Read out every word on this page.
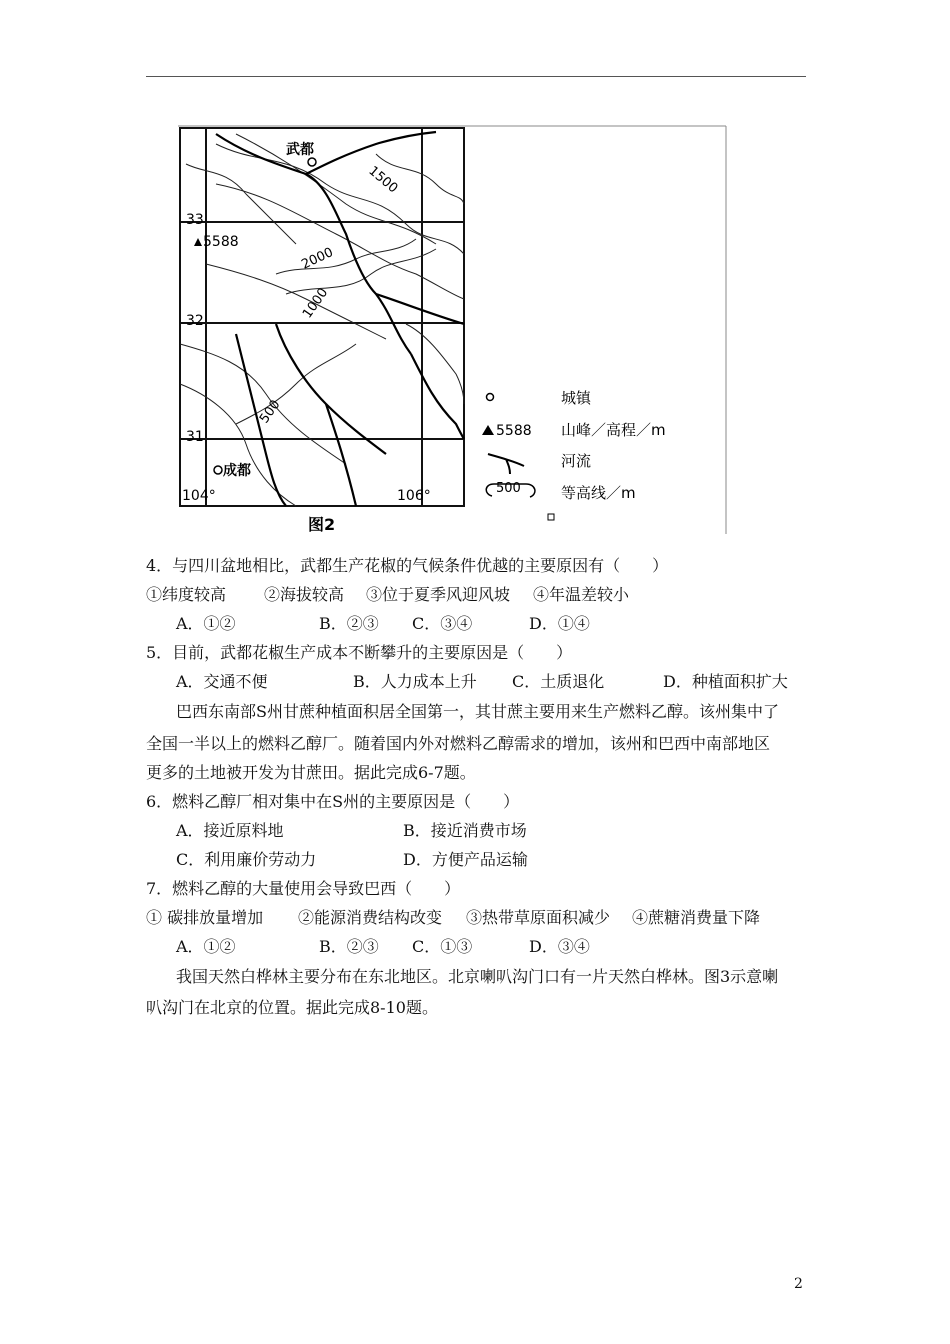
武都
成都
5588
33
32
31
104°	106°
1500
2000
1000
500
图2
城镇
5588 山峰／高程／m
河流
500	等高线／m
4．与四川盆地相比，武都生产花椒的气候条件优越的主要原因有（　　）
①纬度较高 ②海拔较高 ③位于夏季风迎风坡 ④年温差较小
A．①②	B．②③ C．③④	D．①④
5．目前，武都花椒生产成本不断攀升的主要原因是（　　）
A．交通不便	B．人力成本上升 C．土质退化	D．种植面积扩大
巴西东南部S州甘蔗种植面积居全国第一，其甘蔗主要用来生产燃料乙醇。该州集中了
全国一半以上的燃料乙醇厂。随着国内外对燃料乙醇需求的增加，该州和巴西中南部地区
更多的土地被开发为甘蔗田。据此完成6-7题。
6．燃料乙醇厂相对集中在S州的主要原因是（　　）
A．接近原料地	B．接近消费市场
C．利用廉价劳动力	D．方便产品运输
7．燃料乙醇的大量使用会导致巴西（　　）
① 碳排放量增加 ②能源消费结构改变 ③热带草原面积减少 ④蔗糖消费量下降
A．①②	B．②③ C．①③	D．③④
我国天然白桦林主要分布在东北地区。北京喇叭沟门口有一片天然白桦林。图3示意喇
叭沟门在北京的位置。据此完成8-10题。
2
